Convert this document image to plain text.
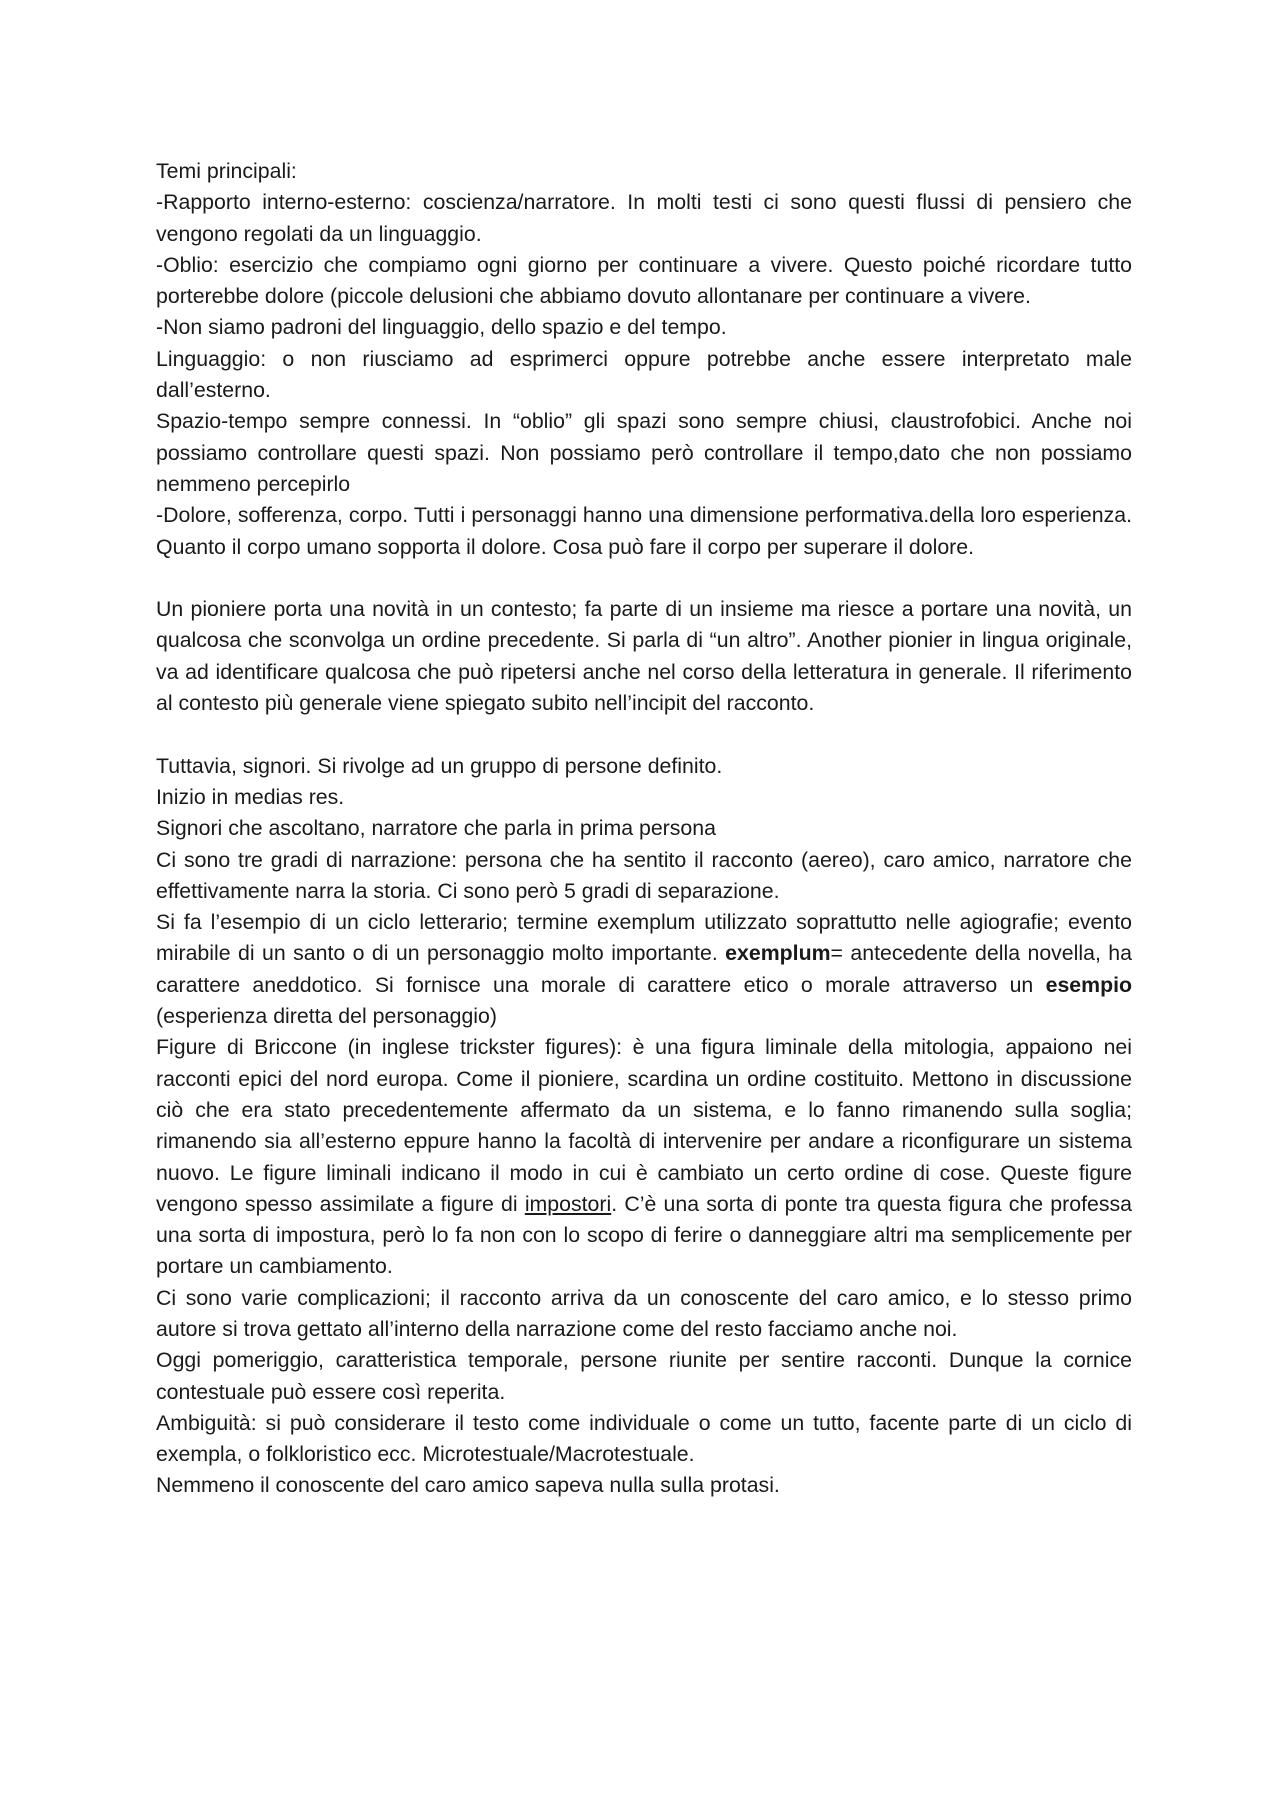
Temi principali:

-Rapporto interno-esterno: coscienza/narratore. In molti testi ci sono questi flussi di pensiero che vengono regolati da un linguaggio.

-Oblio: esercizio che compiamo ogni giorno per continuare a vivere. Questo poiché ricordare tutto porterebbe dolore (piccole delusioni che abbiamo dovuto allontanare per continuare a vivere.

-Non siamo padroni del linguaggio, dello spazio e del tempo.

Linguaggio: o non riusciamo ad esprimerci oppure potrebbe anche essere interpretato male dall’esterno.

Spazio-tempo sempre connessi. In “oblio” gli spazi sono sempre chiusi, claustrofobici. Anche noi possiamo controllare questi spazi. Non possiamo però controllare il tempo,dato che non possiamo nemmeno percepirlo

-Dolore, sofferenza, corpo. Tutti i personaggi hanno una dimensione performativa.della loro esperienza. Quanto il corpo umano sopporta il dolore. Cosa può fare il corpo per superare il dolore.

Un pioniere porta una novità in un contesto; fa parte di un insieme ma riesce a portare una novità, un qualcosa che sconvolga un ordine precedente. Si parla di “un altro”. Another pionier in lingua originale, va ad identificare qualcosa che può ripetersi anche nel corso della letteratura in generale. Il riferimento al contesto più generale viene spiegato subito nell’incipit del racconto.

Tuttavia, signori. Si rivolge ad un gruppo di persone definito.

Inizio in medias res.

Signori che ascoltano, narratore che parla in prima persona

Ci sono tre gradi di narrazione: persona che ha sentito il racconto (aereo), caro amico, narratore che effettivamente narra la storia. Ci sono però 5 gradi di separazione.

Si fa l’esempio di un ciclo letterario; termine exemplum utilizzato soprattutto nelle agiografie; evento mirabile di un santo o di un personaggio molto importante. exemplum= antecedente della novella, ha carattere aneddotico. Si fornisce una morale di carattere etico o morale attraverso un esempio (esperienza diretta del personaggio)

Figure di Briccone (in inglese trickster figures): è una figura liminale della mitologia, appaiono nei racconti epici del nord europa. Come il pioniere, scardina un ordine costituito. Mettono in discussione ciò che era stato precedentemente affermato da un sistema, e lo fanno rimanendo sulla soglia; rimanendo sia all’esterno eppure hanno la facoltà di intervenire per andare a riconfigurare un sistema nuovo. Le figure liminali indicano il modo in cui è cambiato un certo ordine di cose. Queste figure vengono spesso assimilate a figure di impostori. C’è una sorta di ponte tra questa figura che professa una sorta di impostura, però lo fa non con lo scopo di ferire o danneggiare altri ma semplicemente per portare un cambiamento.

Ci sono varie complicazioni; il racconto arriva da un conoscente del caro amico, e lo stesso primo autore si trova gettato all’interno della narrazione come del resto facciamo anche noi.

Oggi pomeriggio, caratteristica temporale, persone riunite per sentire racconti. Dunque la cornice contestuale può essere così reperita.

Ambiguità: si può considerare il testo come individuale o come un tutto, facente parte di un ciclo di exempla, o folkloristico ecc. Microtestuale/Macrotestuale.

Nemmeno il conoscente del caro amico sapeva nulla sulla protasi.
